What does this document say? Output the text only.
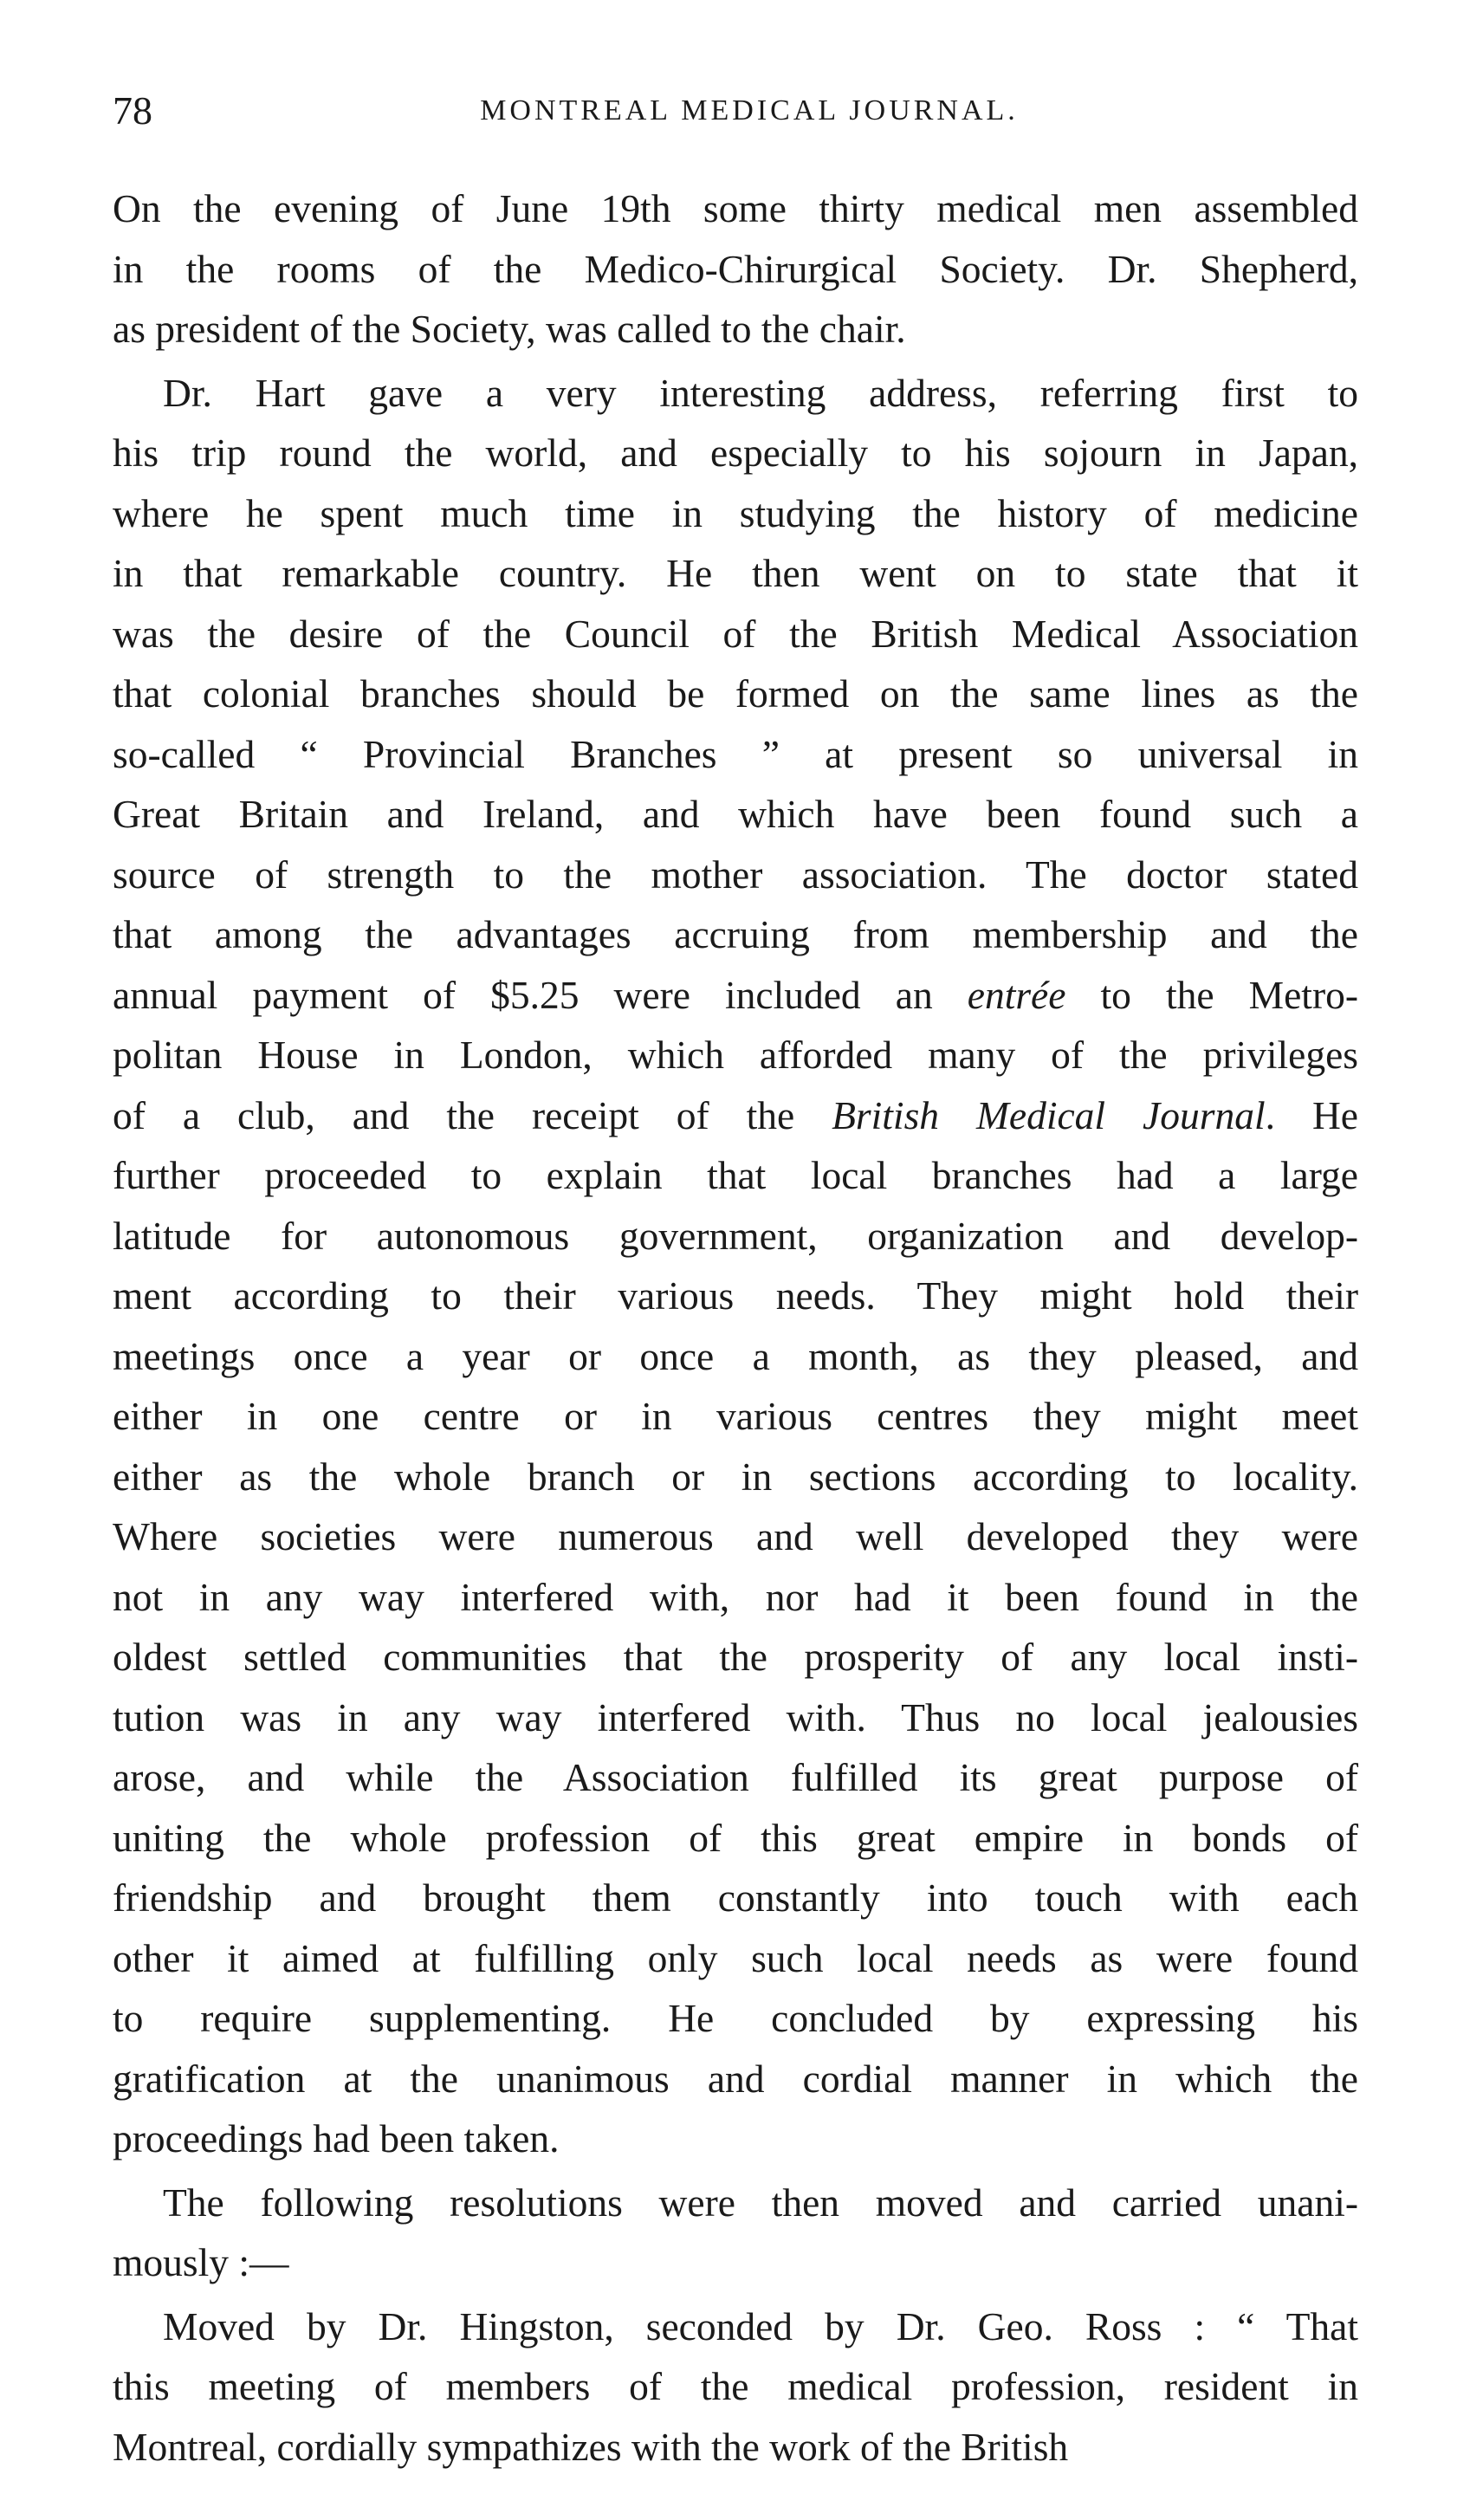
78	MONTREAL MEDICAL JOURNAL.
On the evening of June 19th some thirty medical men assembled
in the rooms of the Medico-Chirurgical Society. Dr. Shepherd,
as president of the Society, was called to the chair.
Dr. Hart gave a very interesting address, referring first to
his trip round the world, and especially to his sojourn in Japan,
where he spent much time in studying the history of medicine
in that remarkable country. He then went on to state that it
was the desire of the Council of the British Medical Association
that colonial branches should be formed on the same lines as the
so-called “ Provincial Branches ” at present so universal in
Great Britain and Ireland, and which have been found such a
source of strength to the mother association. The doctor stated
that among the advantages accruing from membership and the
annual payment of $5.25 were included an entrée to the Metro-
politan House in London, which afforded many of the privileges
of a club, and the receipt of the British Medical Journal. He
further proceeded to explain that local branches had a large
latitude for autonomous government, organization and develop-
ment according to their various needs. They might hold their
meetings once a year or once a month, as they pleased, and
either in one centre or in various centres they might meet
either as the whole branch or in sections according to locality.
Where societies were numerous and well developed they were
not in any way interfered with, nor had it been found in the
oldest settled communities that the prosperity of any local insti-
tution was in any way interfered with. Thus no local jealousies
arose, and while the Association fulfilled its great purpose of
uniting the whole profession of this great empire in bonds of
friendship and brought them constantly into touch with each
other it aimed at fulfilling only such local needs as were found
to require supplementing. He concluded by expressing his
gratification at the unanimous and cordial manner in which the
proceedings had been taken.
The following resolutions were then moved and carried unani-
mously :—
Moved by Dr. Hingston, seconded by Dr. Geo. Ross : “ That
this meeting of members of the medical profession, resident in
Montreal, cordially sympathizes with the work of the British
